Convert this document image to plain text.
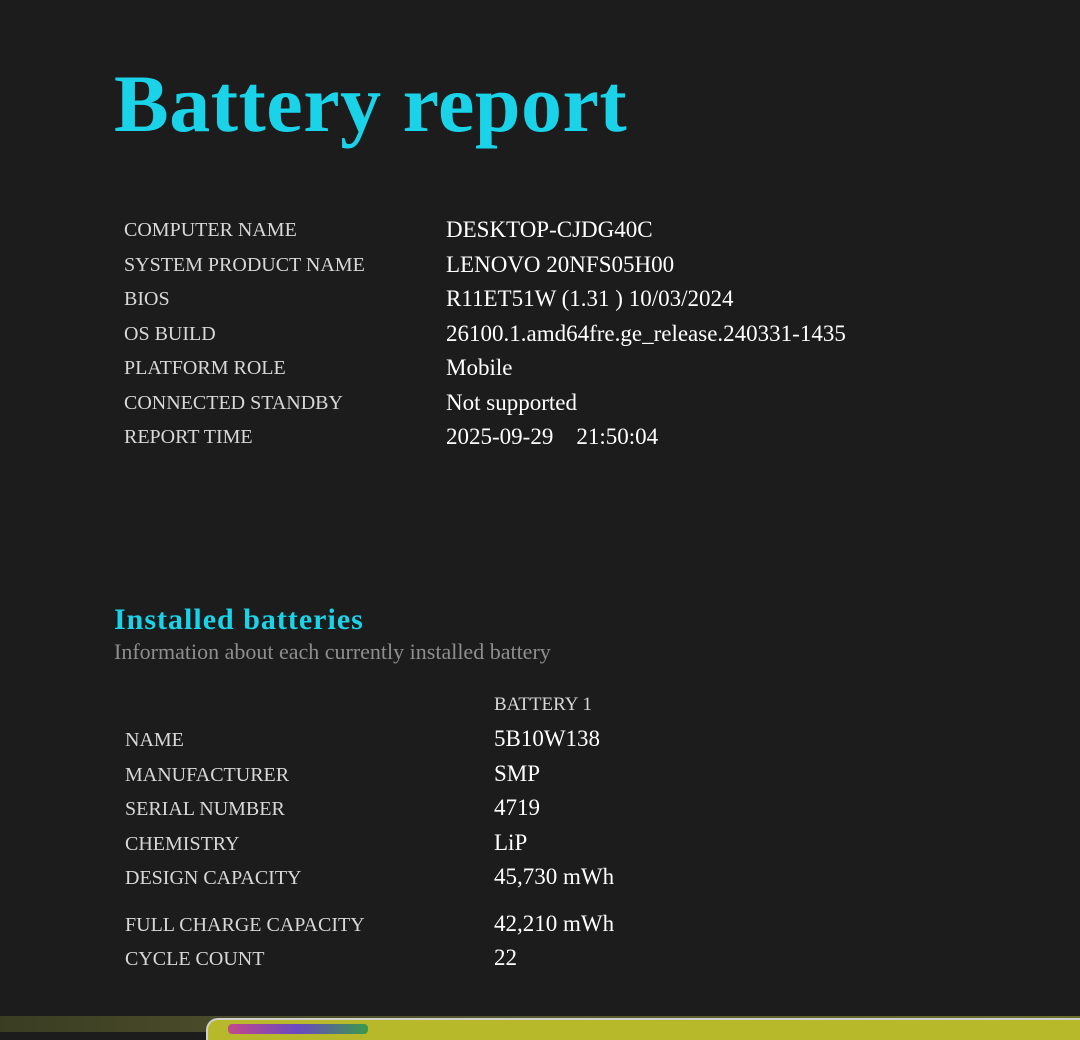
Battery report
COMPUTER NAME	DESKTOP-CJDG40C
SYSTEM PRODUCT NAME	LENOVO 20NFS05H00
BIOS	R11ET51W (1.31 ) 10/03/2024
OS BUILD	26100.1.amd64fre.ge_release.240331-1435
PLATFORM ROLE	Mobile
CONNECTED STANDBY	Not supported
REPORT TIME	2025-09-29    21:50:04
Installed batteries
Information about each currently installed battery
BATTERY 1
NAME	5B10W138
MANUFACTURER	SMP
SERIAL NUMBER	4719
CHEMISTRY	LiP
DESIGN CAPACITY	45,730 mWh
FULL CHARGE CAPACITY	42,210 mWh
CYCLE COUNT	22
